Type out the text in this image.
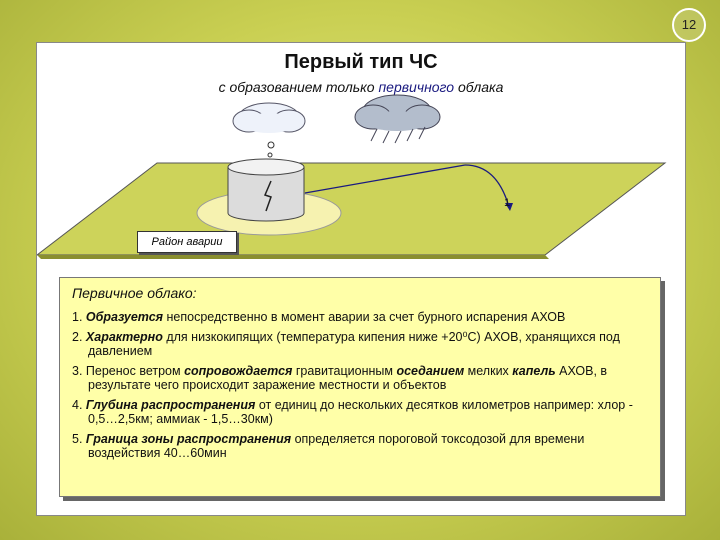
12
Первый тип ЧС
с образованием только первичного облака
Район аварии
1
Первичное облако:
1. Образуется непосредственно в момент аварии за счет бурного испарения АХОВ
2. Характерно для низкокипящих (температура кипения ниже +20⁰С) АХОВ, хранящихся под давлением
3. Перенос ветром сопровождается гравитационным оседанием мелких капель АХОВ, в результате чего происходит заражение местности и объектов
4. Глубина распространения от единиц до нескольких десятков километров например: хлор - 0,5…2,5км; аммиак - 1,5…30км)
5. Граница зоны распространения определяется пороговой токсодозой для времени воздействия 40…60мин
